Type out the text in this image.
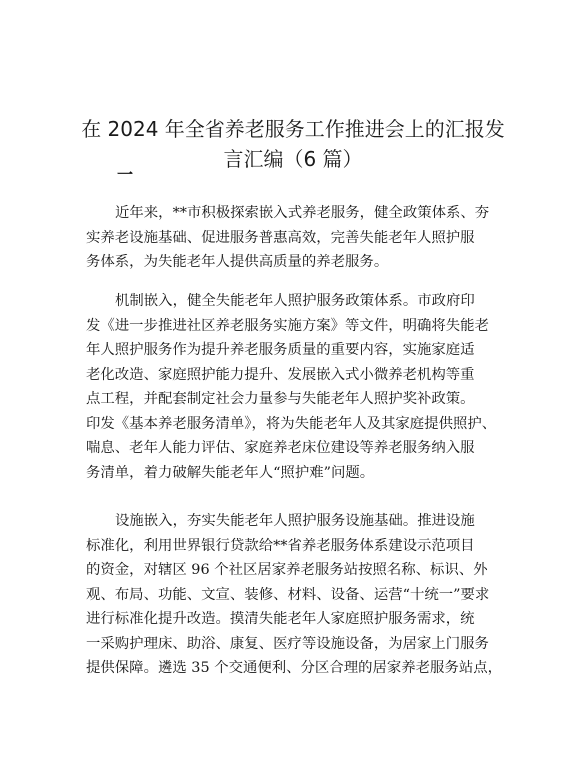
在 2024 年全省养老服务工作推进会上的汇报发
言汇编（6 篇）
一
近年来，**市积极探索嵌入式养老服务，健全政策体系、夯
实养老设施基础、促进服务普惠高效，完善失能老年人照护服
务体系，为失能老年人提供高质量的养老服务。
机制嵌入，健全失能老年人照护服务政策体系。市政府印
发《进一步推进社区养老服务实施方案》等文件，明确将失能老
年人照护服务作为提升养老服务质量的重要内容，实施家庭适
老化改造、家庭照护能力提升、发展嵌入式小微养老机构等重
点工程，并配套制定社会力量参与失能老年人照护奖补政策。
印发《基本养老服务清单》，将为失能老年人及其家庭提供照护、
喘息、老年人能力评估、家庭养老床位建设等养老服务纳入服
务清单，着力破解失能老年人“照护难”问题。
设施嵌入，夯实失能老年人照护服务设施基础。推进设施
标准化，利用世界银行贷款给**省养老服务体系建设示范项目
的资金，对辖区 96 个社区居家养老服务站按照名称、标识、外
观、布局、功能、文宣、装修、材料、设备、运营“十统一”要求
进行标准化提升改造。摸清失能老年人家庭照护服务需求，统
一采购护理床、助浴、康复、医疗等设施设备，为居家上门服务
提供保障。遴选 35 个交通便利、分区合理的居家养老服务站点，
